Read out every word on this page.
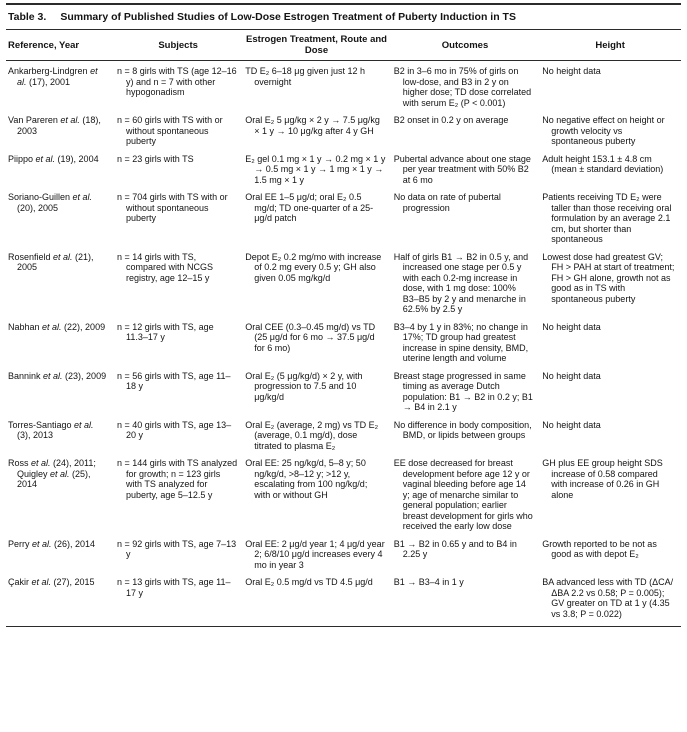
Table 3. Summary of Published Studies of Low-Dose Estrogen Treatment of Puberty Induction in TS
Reference, Year	Subjects	Estrogen Treatment, Route and Dose	Outcomes	Height
Ankarberg-Lindgren et al. (17), 2001	n = 8 girls with TS (age 12–16 y) and n = 7 with other hypogonadism	TD E₂ 6–18 μg given just 12 h overnight	B2 in 3–6 mo in 75% of girls on low-dose, and B3 in 2 y on higher dose; TD dose correlated with serum E₂ (P < 0.001)	No height data
Van Pareren et al. (18), 2003	n = 60 girls with TS with or without spontaneous puberty	Oral E₂ 5 μg/kg × 2 y → 7.5 μg/kg × 1 y → 10 μg/kg after 4 y GH	B2 onset in 0.2 y on average	No negative effect on height or growth velocity vs spontaneous puberty
Piippo et al. (19), 2004	n = 23 girls with TS	E₂ gel 0.1 mg × 1 y → 0.2 mg × 1 y → 0.5 mg × 1 y → 1 mg × 1 y → 1.5 mg × 1 y	Pubertal advance about one stage per year treatment with 50% B2 at 6 mo	Adult height 153.1 ± 4.8 cm (mean ± standard deviation)
Soriano-Guillen et al. (20), 2005	n = 704 girls with TS with or without spontaneous puberty	Oral EE 1–5 μg/d; oral E₂ 0.5 mg/d; TD one-quarter of a 25-μg/d patch	No data on rate of pubertal progression	Patients receiving TD E₂ were taller than those receiving oral formulation by an average 2.1 cm, but shorter than spontaneous
Rosenfield et al. (21), 2005	n = 14 girls with TS, compared with NCGS registry, age 12–15 y	Depot E₂ 0.2 mg/mo with increase of 0.2 mg every 0.5 y; GH also given 0.05 mg/kg/d	Half of girls B1 → B2 in 0.5 y, and increased one stage per 0.5 y with each 0.2-mg increase in dose, with 1 mg dose: 100% B3–B5 by 2 y and menarche in 62.5% by 2.5 y	Lowest dose had greatest GV; FH > PAH at start of treatment; FH > GH alone, growth not as good as in TS with spontaneous puberty
Nabhan et al. (22), 2009	n = 12 girls with TS, age 11.3–17 y	Oral CEE (0.3–0.45 mg/d) vs TD (25 μg/d for 6 mo → 37.5 μg/d for 6 mo)	B3–4 by 1 y in 83%; no change in 17%; TD group had greatest increase in spine density, BMD, uterine length and volume	No height data
Bannink et al. (23), 2009	n = 56 girls with TS, age 11–18 y	Oral E₂ (5 μg/kg/d) × 2 y, with progression to 7.5 and 10 μg/kg/d	Breast stage progressed in same timing as average Dutch population: B1 → B2 in 0.2 y; B1 → B4 in 2.1 y	No height data
Torres-Santiago et al. (3), 2013	n = 40 girls with TS, age 13–20 y	Oral E₂ (average, 2 mg) vs TD E₂ (average, 0.1 mg/d), dose titrated to plasma E₂	No difference in body composition, BMD, or lipids between groups	No height data
Ross et al. (24), 2011; Quigley et al. (25), 2014	n = 144 girls with TS analyzed for growth; n = 123 girls with TS analyzed for puberty, age 5–12.5 y	Oral EE: 25 ng/kg/d, 5–8 y; 50 ng/kg/d, >8–12 y; >12 y, escalating from 100 ng/kg/d; with or without GH	EE dose decreased for breast development before age 12 y or vaginal bleeding before age 14 y; age of menarche similar to general population; earlier breast development for girls who received the early low dose	GH plus EE group height SDS increase of 0.58 compared with increase of 0.26 in GH alone
Perry et al. (26), 2014	n = 92 girls with TS, age 7–13 y	Oral EE: 2 μg/d year 1; 4 μg/d year 2; 6/8/10 μg/d increases every 4 mo in year 3	B1 → B2 in 0.65 y and to B4 in 2.25 y	Growth reported to be not as good as with depot E₂
Çakir et al. (27), 2015	n = 13 girls with TS, age 11–17 y	Oral E₂ 0.5 mg/d vs TD 4.5 μg/d	B1 → B3–4 in 1 y	BA advanced less with TD (ΔCA/ΔBA 2.2 vs 0.58; P = 0.005); GV greater on TD at 1 y (4.35 vs 3.8; P = 0.022)
